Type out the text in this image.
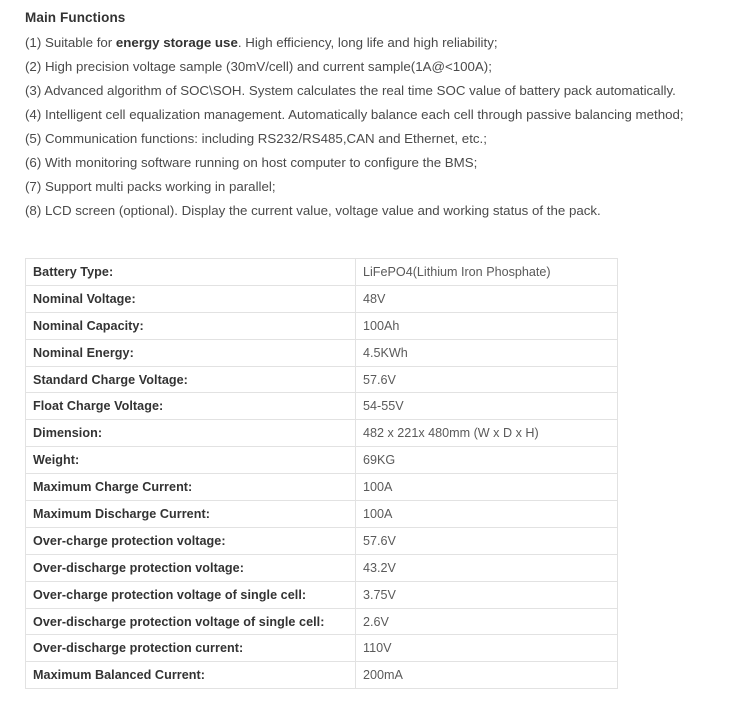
Main Functions
(1) Suitable for energy storage use. High efficiency, long life and high reliability;
(2) High precision voltage sample (30mV/cell) and current sample(1A@<100A);
(3) Advanced algorithm of SOC\SOH. System calculates the real time SOC value of battery pack automatically.
(4) Intelligent cell equalization management. Automatically balance each cell through passive balancing method;
(5) Communication functions: including RS232/RS485,CAN and Ethernet, etc.;
(6) With monitoring software running on host computer to configure the BMS;
(7) Support multi packs working in parallel;
(8) LCD screen (optional). Display the current value, voltage value and working status of the pack.
Battery Type:	LiFePO4(Lithium Iron Phosphate)
Nominal Voltage:	48V
Nominal Capacity:	100Ah
Nominal Energy:	4.5KWh
Standard Charge Voltage:	57.6V
Float Charge Voltage:	54-55V
Dimension:	482 x 221x 480mm (W x D x H)
Weight:	69KG
Maximum Charge Current:	100A
Maximum Discharge Current:	100A
Over-charge protection voltage:	57.6V
Over-discharge protection voltage:	43.2V
Over-charge protection voltage of single cell:	3.75V
Over-discharge protection voltage of single cell:	2.6V
Over-discharge protection current:	110V
Maximum Balanced Current:	200mA
